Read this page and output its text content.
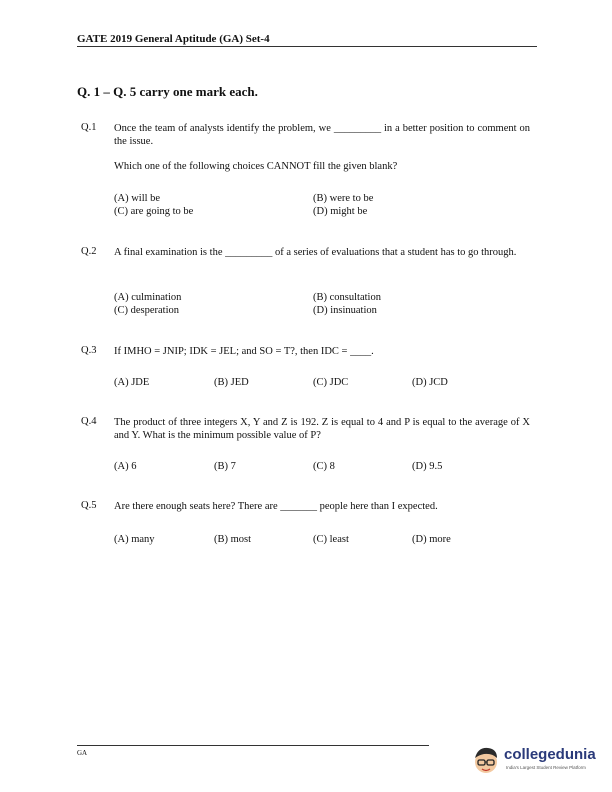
GATE 2019 General Aptitude (GA) Set-4
Q. 1 – Q. 5 carry one mark each.
Q.1 Once the team of analysts identify the problem, we _________ in a better position to comment on the issue.
Which one of the following choices CANNOT fill the given blank?
(A) will be	(B) were to be
(C) are going to be	(D) might be
Q.2 A final examination is the _________ of a series of evaluations that a student has to go through.
(A) culmination	(B) consultation
(C) desperation	(D) insinuation
Q.3 If IMHO = JNIP; IDK = JEL; and SO = T?, then IDC = ____.
(A) JDE	(B) JED	(C) JDC	(D) JCD
Q.4 The product of three integers X, Y and Z is 192. Z is equal to 4 and P is equal to the average of X and Y. What is the minimum possible value of P?
(A) 6	(B) 7	(C) 8	(D) 9.5
Q.5 Are there enough seats here? There are _______ people here than I expected.
(A) many	(B) most	(C) least	(D) more
GA	collegedunia
India's Largest Student Review Platform
